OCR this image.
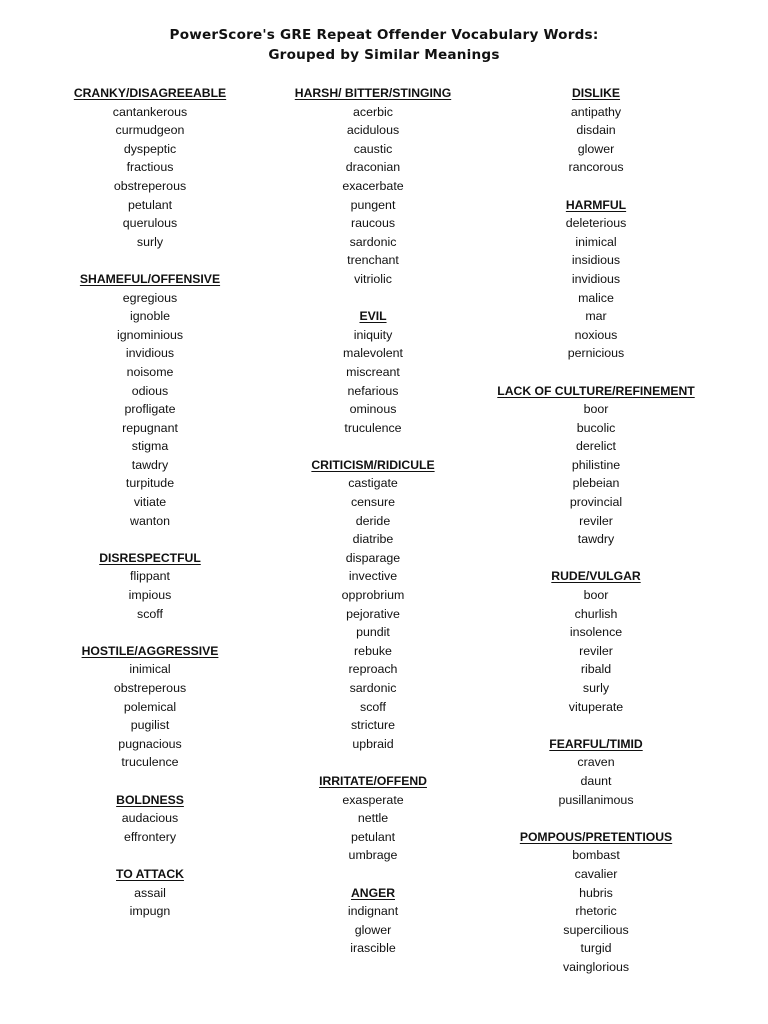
PowerScore's GRE Repeat Offender Vocabulary Words:
Grouped by Similar Meanings
CRANKY/DISAGREEABLE
cantankerous
curmudgeon
dyspeptic
fractious
obstreperous
petulant
querulous
surly
SHAMEFUL/OFFENSIVE
egregious
ignoble
ignominious
invidious
noisome
odious
profligate
repugnant
stigma
tawdry
turpitude
vitiate
wanton
DISRESPECTFUL
flippant
impious
scoff
HOSTILE/AGGRESSIVE
inimical
obstreperous
polemical
pugilist
pugnacious
truculence
BOLDNESS
audacious
effrontery
TO ATTACK
assail
impugn
HARSH/ BITTER/STINGING
acerbic
acidulous
caustic
draconian
exacerbate
pungent
raucous
sardonic
trenchant
vitriolic
EVIL
iniquity
malevolent
miscreant
nefarious
ominous
truculence
CRITICISM/RIDICULE
castigate
censure
deride
diatribe
disparage
invective
opprobrium
pejorative
pundit
rebuke
reproach
sardonic
scoff
stricture
upbraid
IRRITATE/OFFEND
exasperate
nettle
petulant
umbrage
ANGER
indignant
glower
irascible
DISLIKE
antipathy
disdain
glower
rancorous
HARMFUL
deleterious
inimical
insidious
invidious
malice
mar
noxious
pernicious
LACK OF CULTURE/REFINEMENT
boor
bucolic
derelict
philistine
plebeian
provincial
reviler
tawdry
RUDE/VULGAR
boor
churlish
insolence
reviler
ribald
surly
vituperate
FEARFUL/TIMID
craven
daunt
pusillanimous
POMPOUS/PRETENTIOUS
bombast
cavalier
hubris
rhetoric
supercilious
turgid
vainglorious
